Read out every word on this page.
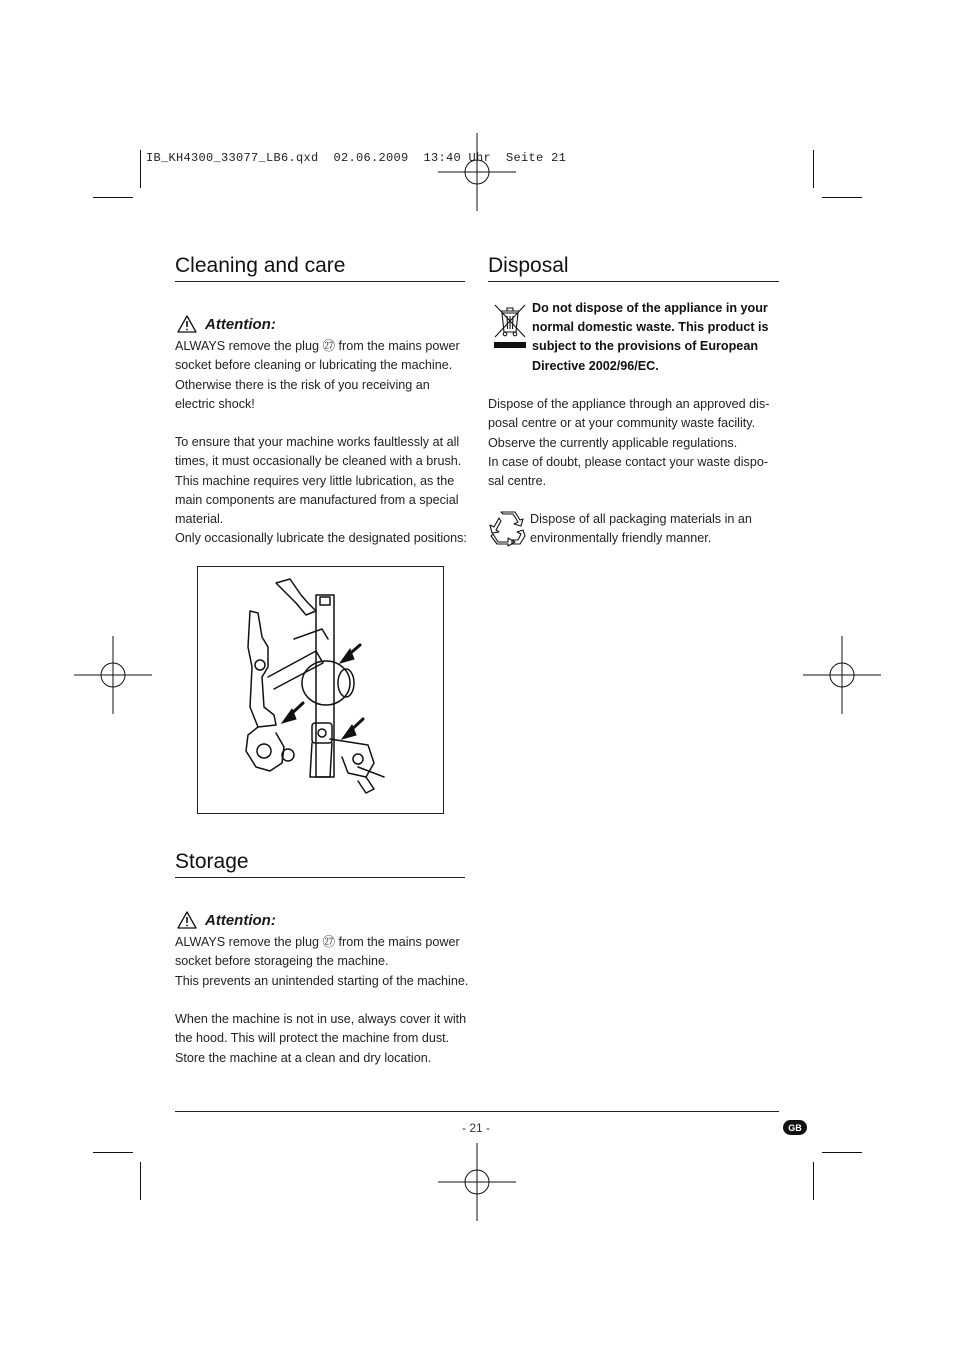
IB_KH4300_33077_LB6.qxd  02.06.2009  13:40 Uhr  Seite 21
Cleaning and care
Attention:

ALWAYS remove the plug ㉗ from the mains power

socket before cleaning or lubricating the machine.

Otherwise there is the risk of you receiving an

electric shock!

To ensure that your machine works faultlessly at all

times, it must occasionally be cleaned with a brush.

This machine requires very little lubrication, as the

main components are manufactured from a special

material.

Only occasionally lubricate the designated positions:

Storage
Attention:

ALWAYS remove the plug ㉗ from the mains power

socket before storageing the machine.

This prevents an unintended starting of the machine.

When the machine is not in use, always cover it with

the hood. This will protect the machine from dust.

Store the machine at a clean and dry location.

Disposal
Do not dispose of the appliance in your
normal domestic waste. This product is
subject to the provisions of European
Directive 2002/96/EC.

Dispose of the appliance through an approved dis-

posal centre or at your community waste facility.

Observe the currently applicable regulations.

In case of doubt, please contact your waste dispo-

sal centre.

Dispose of all packaging materials in an

environmentally friendly manner.

- 21 -	GB
